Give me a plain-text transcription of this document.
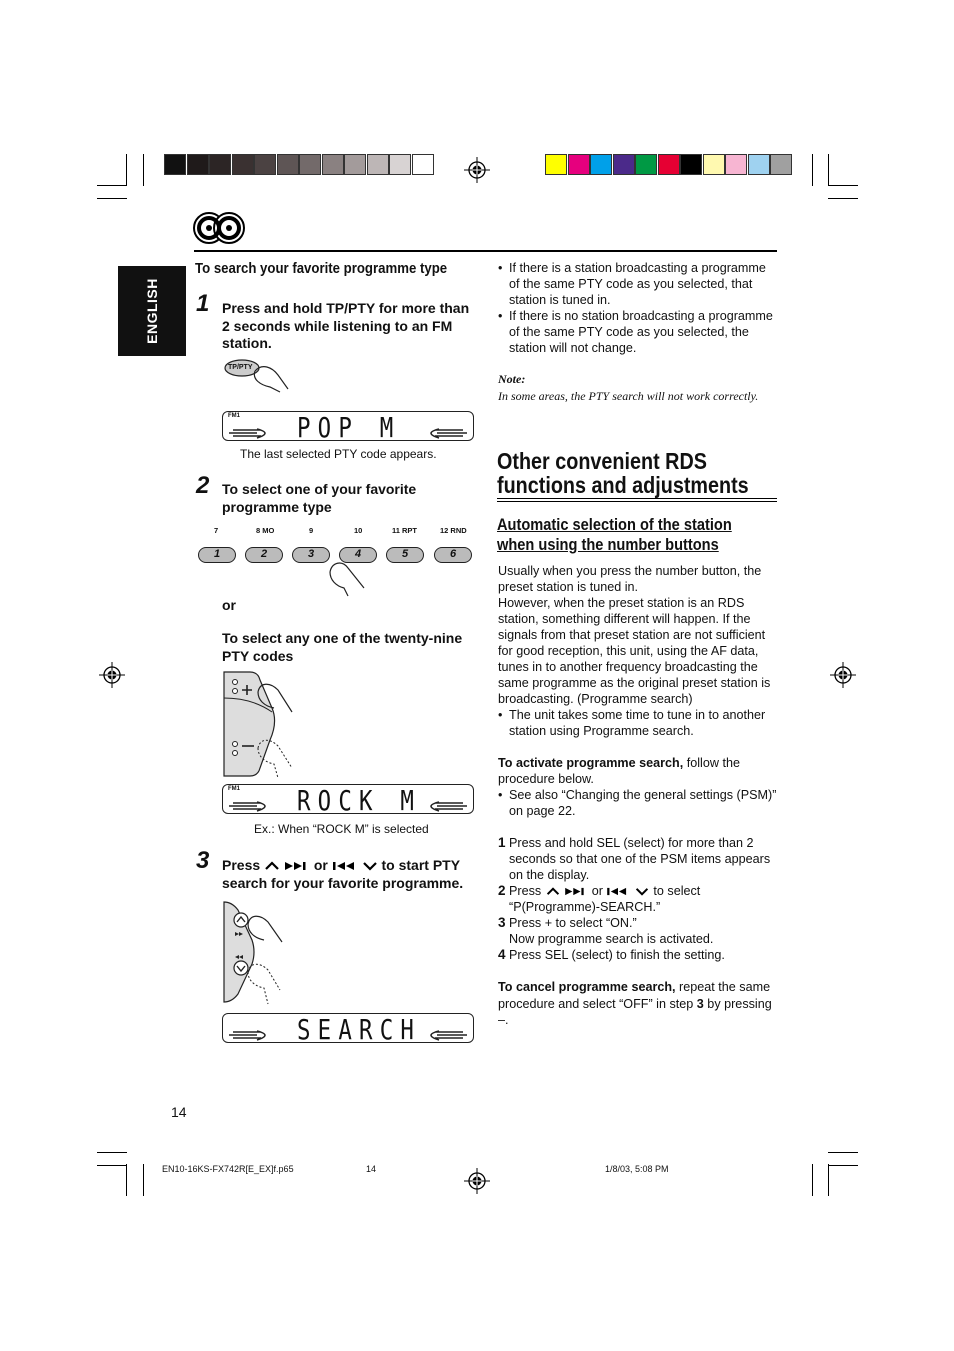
ENGLISH
To search your favorite programme type
1 Press and hold TP/PTY for more than 2 seconds while listening to an FM station.
TP/PTY
FM1 POP M
The last selected PTY code appears.
2 To select one of your favorite programme type
7	8 MO	9	10	11 RPT	12 RND
1	2	3	4	5	6
or
To select any one of the twenty-nine PTY codes
FM1 ROCK M
Ex.: When “ROCK M” is selected
3 Press	or	to start PTY
search for your favorite programme.
SEARCH
• If there is a station broadcasting a programme of the same PTY code as you selected, that station is tuned in.
• If there is no station broadcasting a programme of the same PTY code as you selected, the station will not change.
Note:
In some areas, the PTY search will not work correctly.
Other convenient RDS
functions and adjustments
Automatic selection of the station
when using the number buttons
Usually when you press the number button, the preset station is tuned in.
However, when the preset station is an RDS station, something different will happen. If the signals from that preset station are not sufficient for good reception, this unit, using the AF data, tunes in to another frequency broadcasting the same programme as the original preset station is broadcasting. (Programme search)
• The unit takes some time to tune in to another station using Programme search.
To activate programme search, follow the procedure below.
• See also “Changing the general settings (PSM)” on page 22.
1 Press and hold SEL (select) for more than 2 seconds so that one of the PSM items appears on the display.
2 Press	or	to select
“P(Programme)-SEARCH.”
3 Press + to select “ON.”
Now programme search is activated.
4 Press SEL (select) to finish the setting.
To cancel programme search, repeat the same procedure and select “OFF” in step 3 by pressing –.
14
EN10-16KS-FX742R[E_EX]f.p65	14	1/8/03, 5:08 PM
